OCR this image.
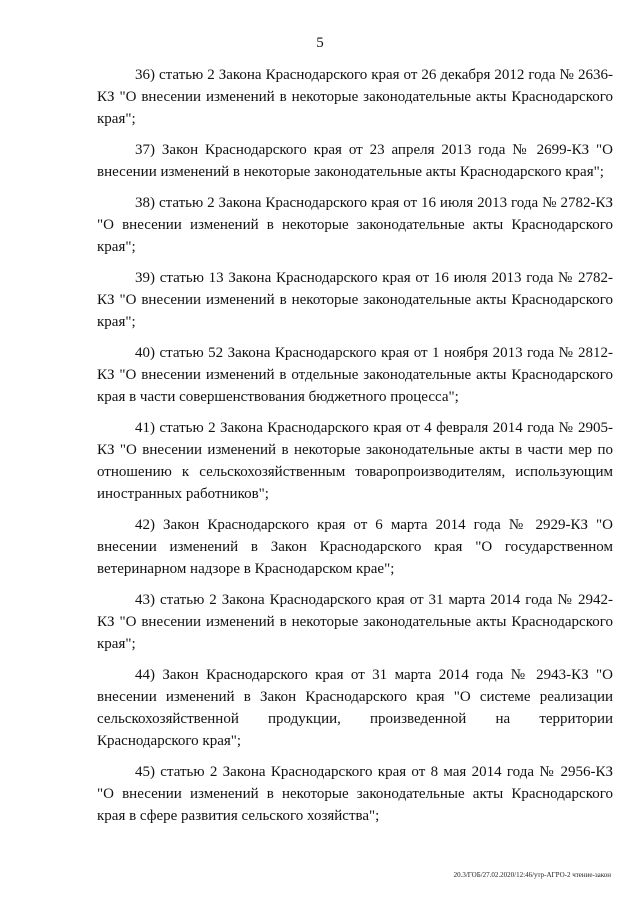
5

36) статью 2 Закона Краснодарского края от 26 декабря 2012 года № 2636-КЗ "О внесении изменений в некоторые законодательные акты Краснодарского края";

37) Закон Краснодарского края от 23 апреля 2013 года № 2699-КЗ "О внесении изменений в некоторые законодательные акты Краснодарского края";

38) статью 2 Закона Краснодарского края от 16 июля 2013 года № 2782-КЗ "О внесении изменений в некоторые законодательные акты Краснодарского края";

39) статью 13 Закона Краснодарского края от 16 июля 2013 года № 2782-КЗ "О внесении изменений в некоторые законодательные акты Краснодарского края";

40) статью 52 Закона Краснодарского края от 1 ноября 2013 года № 2812-КЗ "О внесении изменений в отдельные законодательные акты Краснодарского края в части совершенствования бюджетного процесса";

41) статью 2 Закона Краснодарского края от 4 февраля 2014 года № 2905-КЗ "О внесении изменений в некоторые законодательные акты в части мер по отношению к сельскохозяйственным товаропроизводителям, использующим иностранных работников";

42) Закон Краснодарского края от 6 марта 2014 года № 2929-КЗ "О внесении изменений в Закон Краснодарского края "О государственном ветеринарном надзоре в Краснодарском крае";

43) статью 2 Закона Краснодарского края от 31 марта 2014 года № 2942-КЗ "О внесении изменений в некоторые законодательные акты Краснодарского края";

44) Закон Краснодарского края от 31 марта 2014 года № 2943-КЗ "О внесении изменений в Закон Краснодарского края "О системе реализации сельскохозяйственной продукции, произведенной на территории Краснодарского края";

45) статью 2 Закона Краснодарского края от 8 мая 2014 года № 2956-КЗ "О внесении изменений в некоторые законодательные акты Краснодарского края в сфере развития сельского хозяйства";

20.3/ГОБ/27.02.2020/12:46/утр-АГРО-2 чтение-закон
